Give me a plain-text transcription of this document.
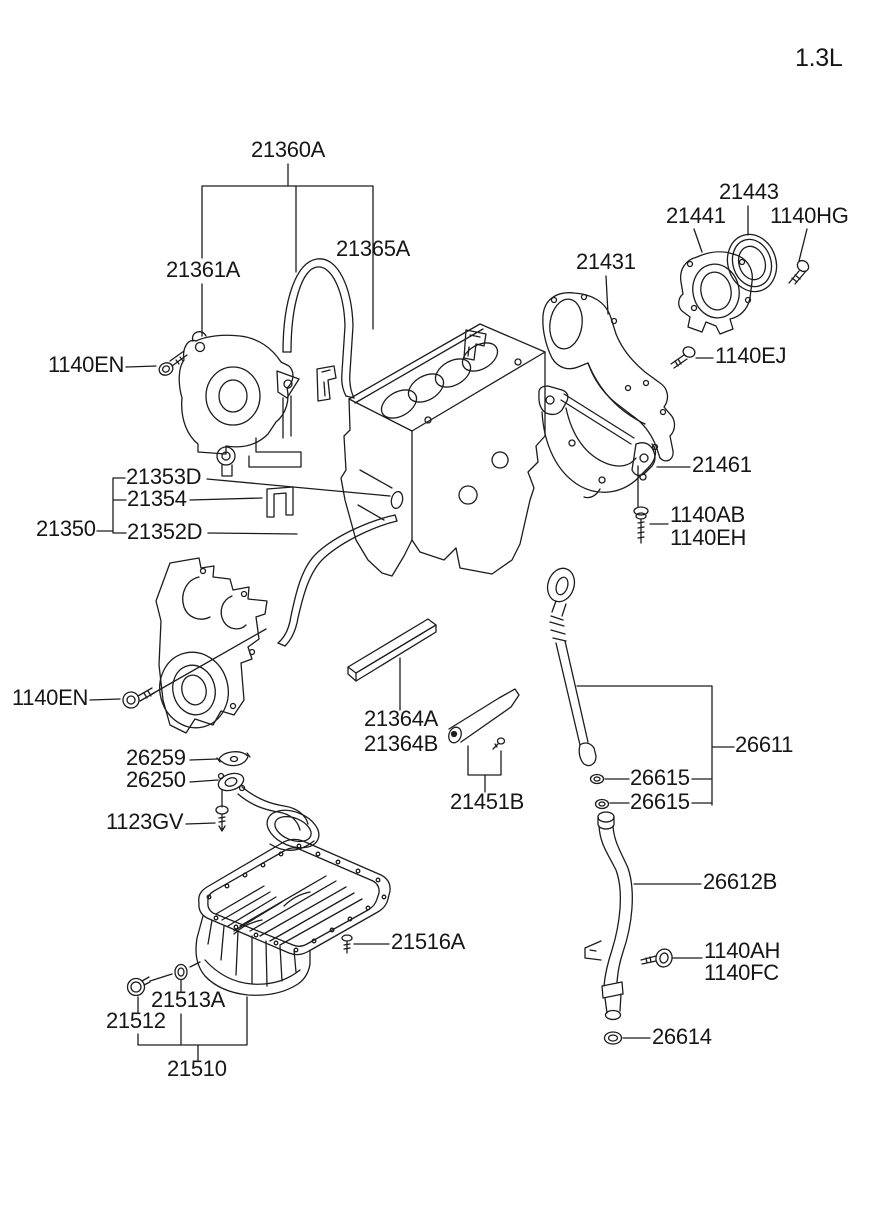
1.3L
21360A
21361A
21365A
21443
21441 1140HG
21431
1140EN	1140EJ
21461
1140AB
1140EH
21353D
21354
21350 21352D
1140EN
21364A
21364B
26259
26250
1123GV
21451B
26611
26615
26615
26612B
21516A	1140AH
1140FC
21513A
21512
21510
26614
